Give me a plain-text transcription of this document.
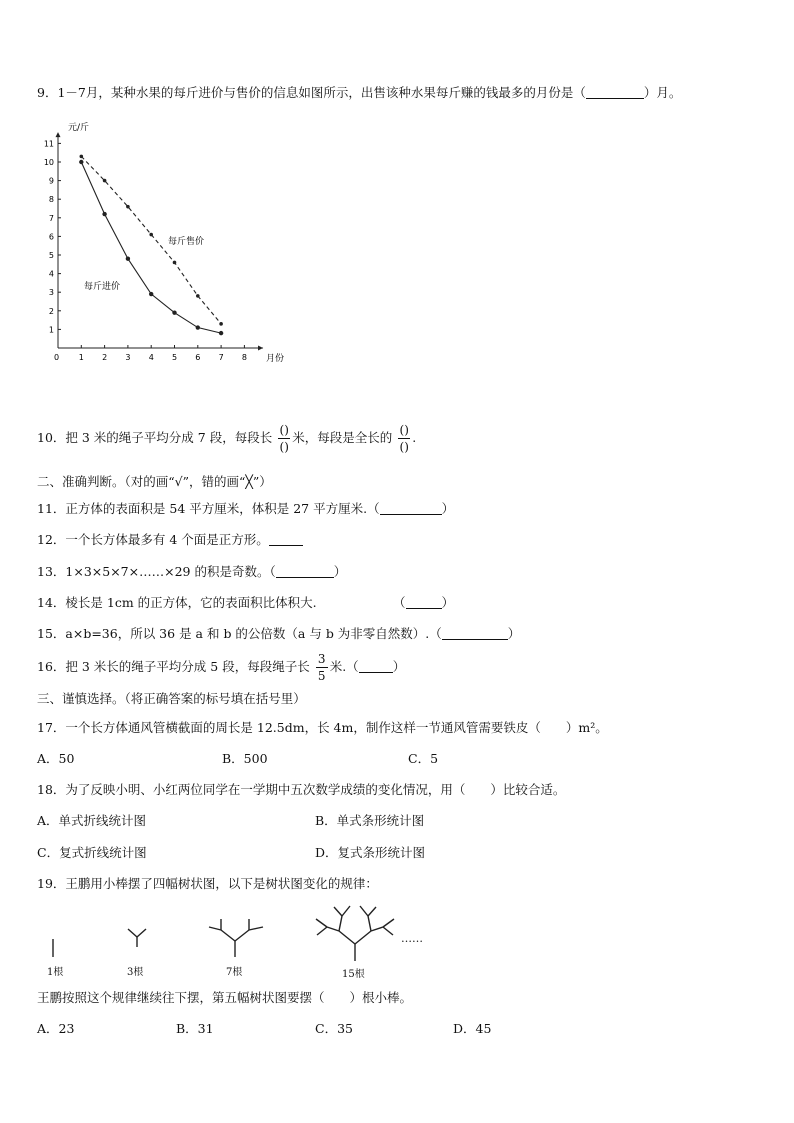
9．1－7月，某种水果的每斤进价与售价的信息如图所示，出售该种水果每斤赚的钱最多的月份是（	）月。
0 1 2 3 4 5 6 7 8
1
2
3
4
5
6
7
8
9
10
11
元/斤
月份
每斤售价
每斤进价
10．把 3 米的绳子平均分成 7 段，每段长 $\frac{()}{()}$ 米，每段是全长的 $\frac{()}{()}$ .
二、准确判断。（对的画“√”，错的画“╳”）
11．正方体的表面积是 54 平方厘米，体积是 27 平方厘米.（	）
12．一个长方体最多有 4 个面是正方形。
13．1×3×5×7×……×29 的积是奇数。（	）
14．棱长是 1cm 的正方体，它的表面积比体积大.	（	）
15．a×b=36，所以 36 是 a 和 b 的公倍数（a 与 b 为非零自然数）.（	）
16．把 3 米长的绳子平均分成 5 段，每段绳子长 $\frac{3}{5}$ 米.（	）
三、谨慎选择。（将正确答案的标号填在括号里）
17．一个长方体通风管横截面的周长是 12.5dm，长 4m，制作这样一节通风管需要铁皮（　　）m²。
A．50	B．500	C．5
18．为了反映小明、小红两位同学在一学期中五次数学成绩的变化情况，用（　　）比较合适。
A．单式折线统计图	B．单式条形统计图
C．复式折线统计图	D．复式条形统计图
19．王鹏用小棒摆了四幅树状图，以下是树状图变化的规律：
……
1根	3根	7根	15根
王鹏按照这个规律继续往下摆，第五幅树状图要摆（　　）根小棒。
A．23	B．31	C．35	D．45
